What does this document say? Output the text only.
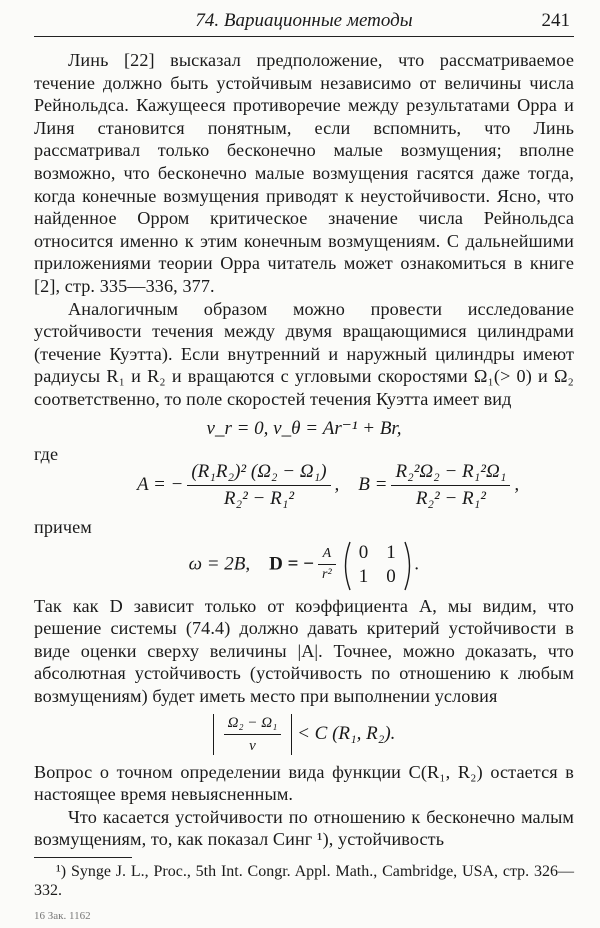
74. Вариационные методы	241

Линь [22] высказал предположение, что рассматриваемое течение должно быть устойчивым независимо от величины числа Рейнольдса. Кажущееся противоречие между результатами Орра и Линя становится понятным, если вспомнить, что Линь рассматривал только бесконечно малые возмущения; вполне возможно, что бесконечно малые возмущения гасятся даже тогда, когда конечные возмущения приводят к неустойчивости. Ясно, что найденное Орром критическое значение числа Рейнольдса относится именно к этим конечным возмущениям. С дальнейшими приложениями теории Орра читатель может ознакомиться в книге [2], стр. 335—336, 377.

Аналогичным образом можно провести исследование устойчивости течения между двумя вращающимися цилиндрами (течение Куэтта). Если внутренний и наружный цилиндры имеют радиусы R₁ и R₂ и вращаются с угловыми скоростями Ω₁(> 0) и Ω₂ соответственно, то поле скоростей течения Куэтта имеет вид

v_r = 0, v_θ = Ar⁻¹ + Br,

где

A = − $\frac{\text{(R₁R₂)² (Ω₂ − Ω₁)}}{\text{R₂² − R₁²}}$ ,    $B = \frac{\text{R₂²Ω₂ − R₁²Ω₁}}{\text{R₂² − R₁²}}$ ,

причем

ω = 2B, D = − $\frac{A}{\text{r²}} 0$	1
1	0
.

Так как D зависит только от коэффициента A, мы видим, что решение системы (74.4) должно давать критерий устойчивости в виде оценки сверху величины |A|. Точнее, можно доказать, что абсолютная устойчивость (устойчивость по отношению к любым возмущениям) будет иметь место при выполнении условия

$\frac{\text{Ω₂ − Ω₁}}{\nu} < C$ (R₁, R₂).

Вопрос о точном определении вида функции C(R₁, R₂) остается в настоящее время невыясненным.

Что касается устойчивости по отношению к бесконечно малым возмущениям, то, как показал Синг ¹), устойчивость

¹) Synge J. L., Proc., 5th Int. Congr. Appl. Math., Cambridge, USA, стр. 326—332.

16 Зак. 1162
